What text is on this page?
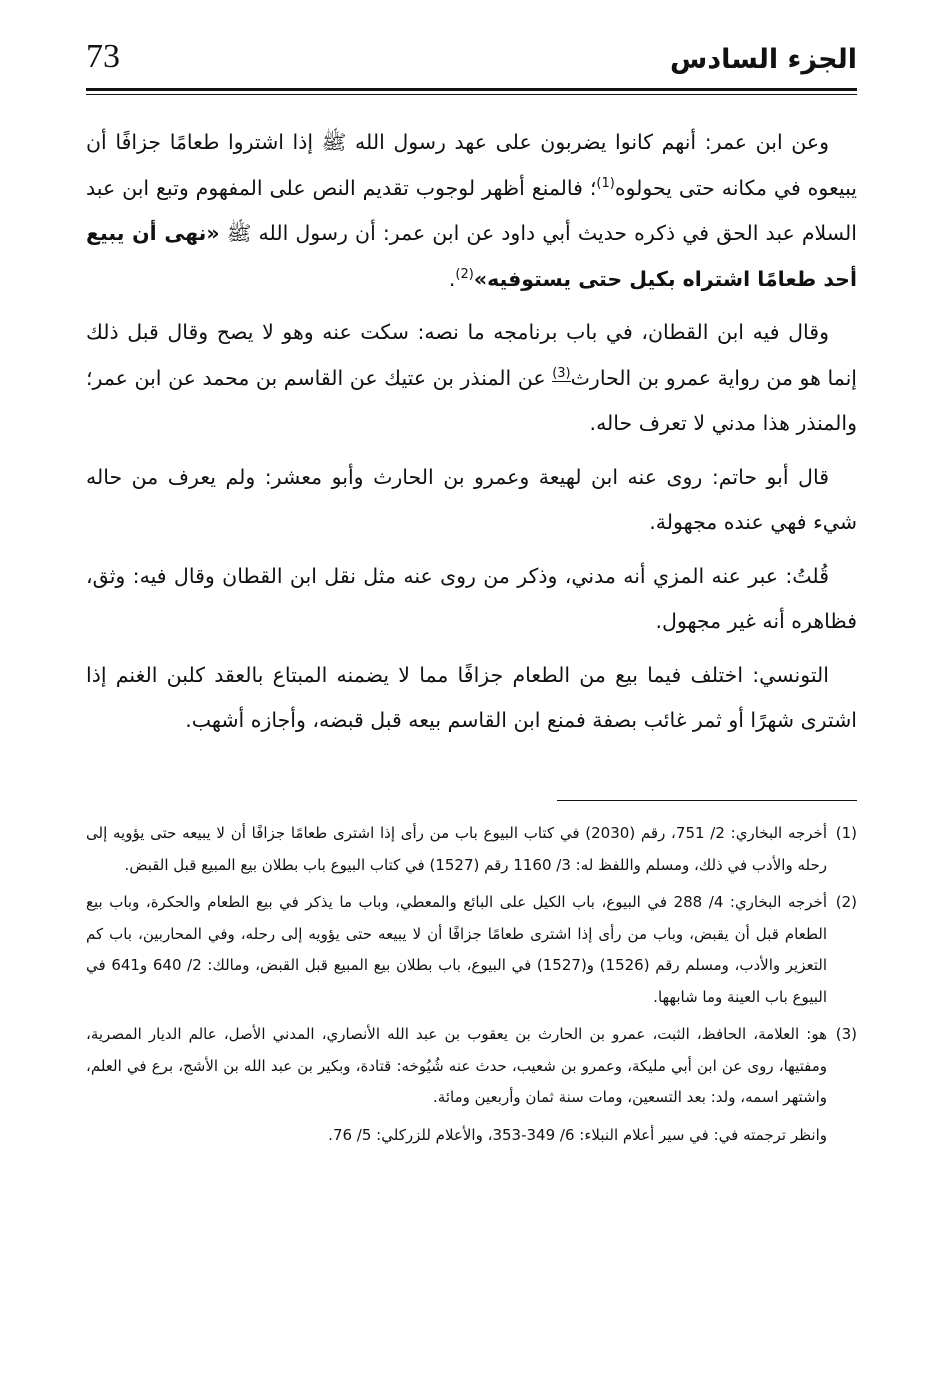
73	الجزء السادس

وعن ابن عمر: أنهم كانوا يضربون على عهد رسول الله ﷺ إذا اشتروا طعامًا جزافًا أن يبيعوه في مكانه حتى يحولوه$^{(1)}$؛ فالمنع أظهر لوجوب تقديم النص على المفهوم وتبع ابن عبد السلام عبد الحق في ذكره حديث أبي داود عن ابن عمر: أن رسول الله ﷺ «نهى أن يبيع أحد طعامًا اشتراه بكيل حتى يستوفيه»$^{(2)}$.

وقال فيه ابن القطان، في باب برنامجه ما نصه: سكت عنه وهو لا يصح وقال قبل ذلك إنما هو من رواية عمرو بن الحارث$^{(3)}$ عن المنذر بن عتيك عن القاسم بن محمد عن ابن عمر؛ والمنذر هذا مدني لا تعرف حاله.

قال أبو حاتم: روى عنه ابن لهيعة وعمرو بن الحارث وأبو معشر: ولم يعرف من حاله شيء فهي عنده مجهولة.

قُلتُ: عبر عنه المزي أنه مدني، وذكر من روى عنه مثل نقل ابن القطان وقال فيه: وثق، فظاهره أنه غير مجهول.

التونسي: اختلف فيما بيع من الطعام جزافًا مما لا يضمنه المبتاع بالعقد كلبن الغنم إذا اشترى شهرًا أو ثمر غائب بصفة فمنع ابن القاسم بيعه قبل قبضه، وأجازه أشهب.

(1)أخرجه البخاري: 2/ 751، رقم (2030) في كتاب البيوع باب من رأى إذا اشترى طعامًا جزافًا أن لا يبيعه حتى يؤويه إلى رحله والأدب في ذلك، ومسلم واللفظ له: 3/ 1160 رقم (1527) في كتاب البيوع باب بطلان بيع المبيع قبل القبض.
(2)أخرجه البخاري: 4/ 288 في البيوع، باب الكيل على البائع والمعطي، وباب ما يذكر في بيع الطعام والحكرة، وباب بيع الطعام قبل أن يقبض، وباب من رأى إذا اشترى طعامًا جزافًا أن لا يبيعه حتى يؤويه إلى رحله، وفي المحاربين، باب كم التعزير والأدب، ومسلم رقم (1526) و(1527) في البيوع، باب بطلان بيع المبيع قبل القبض، ومالك: 2/ 640 و641 في البيوع باب العينة وما شابهها.
(3)هو: العلامة، الحافظ، الثبت، عمرو بن الحارث بن يعقوب بن عبد الله الأنصاري، المدني الأصل، عالم الديار المصرية، ومفتيها، روى عن ابن أبي مليكة، وعمرو بن شعيب، حدث عنه شُيُوخه: قتادة، وبكير بن عبد الله بن الأشج، برع في العلم، واشتهر اسمه، ولد: بعد التسعين، ومات سنة ثمان وأربعين ومائة.
وانظر ترجمته في: في سير أعلام النبلاء: 6/ 349-353، والأعلام للزركلي: 5/ 76.
